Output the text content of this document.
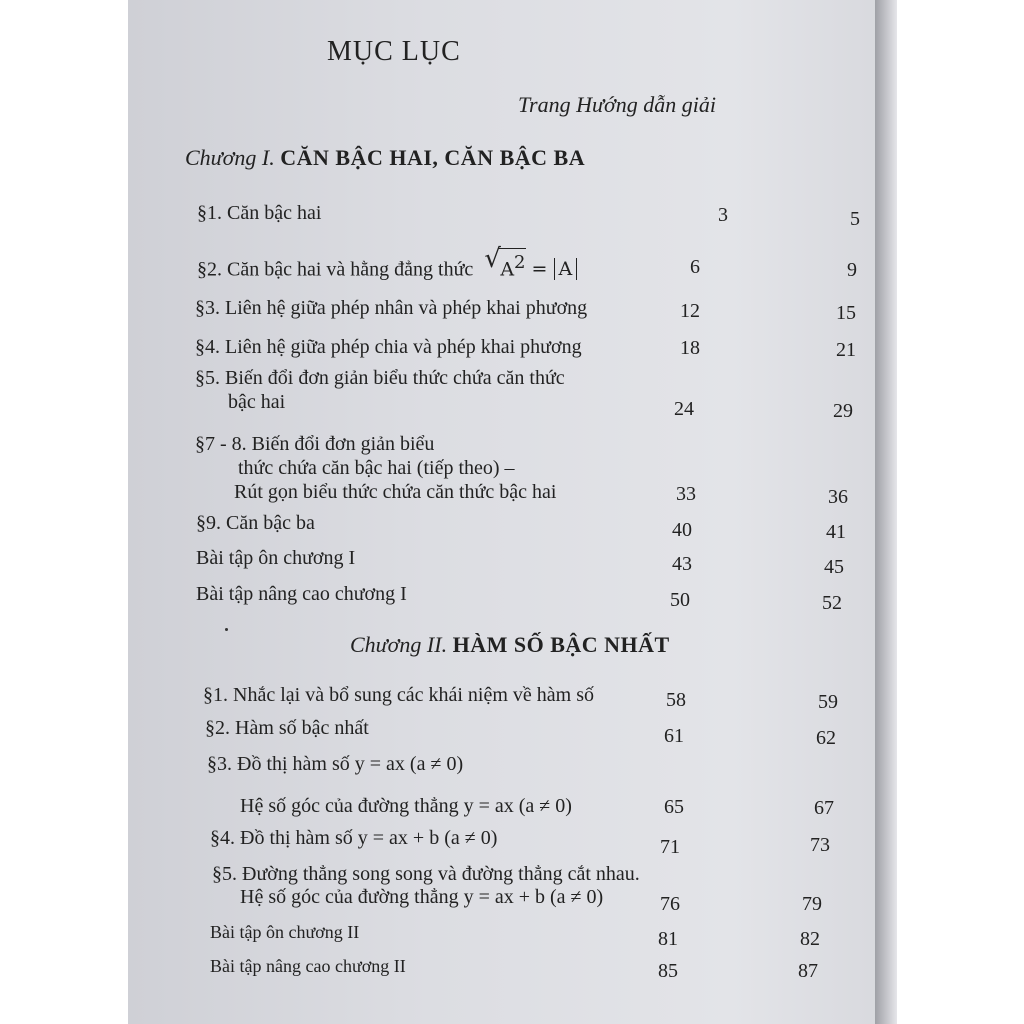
MỤC LỤC
Trang Hướng dẫn giải
Chương I. CĂN BẬC HAI, CĂN BẬC BA
§1. Căn bậc hai	3	5
§2. Căn bậc hai và hằng đẳng thức √ $A^2 = A$	6	9
§3. Liên hệ giữa phép nhân và phép khai phương	12	15
§4. Liên hệ giữa phép chia và phép khai phương	18	21
§5. Biến đổi đơn giản biểu thức chứa căn thức
bậc hai	24	29
§7 - 8. Biến đổi đơn giản biểu
thức chứa căn bậc hai (tiếp theo) –
Rút gọn biểu thức chứa căn thức bậc hai	33	36
§9. Căn bậc ba	40	41
Bài tập ôn chương I	43	45
Bài tập nâng cao chương I	50	52
Chương II. HÀM SỐ BẬC NHẤT
§1. Nhắc lại và bổ sung các khái niệm về hàm số	58	59
§2. Hàm số bậc nhất	61	62
§3. Đồ thị hàm số y = ax (a ≠ 0)
Hệ số góc của đường thẳng y = ax (a ≠ 0)	65	67
§4. Đồ thị hàm số y = ax + b (a ≠ 0)	71	73
§5. Đường thẳng song song và đường thẳng cắt nhau.
Hệ số góc của đường thẳng y = ax + b (a ≠ 0)	76	79
Bài tập ôn chương II	81	82
Bài tập nâng cao chương II	85	87
